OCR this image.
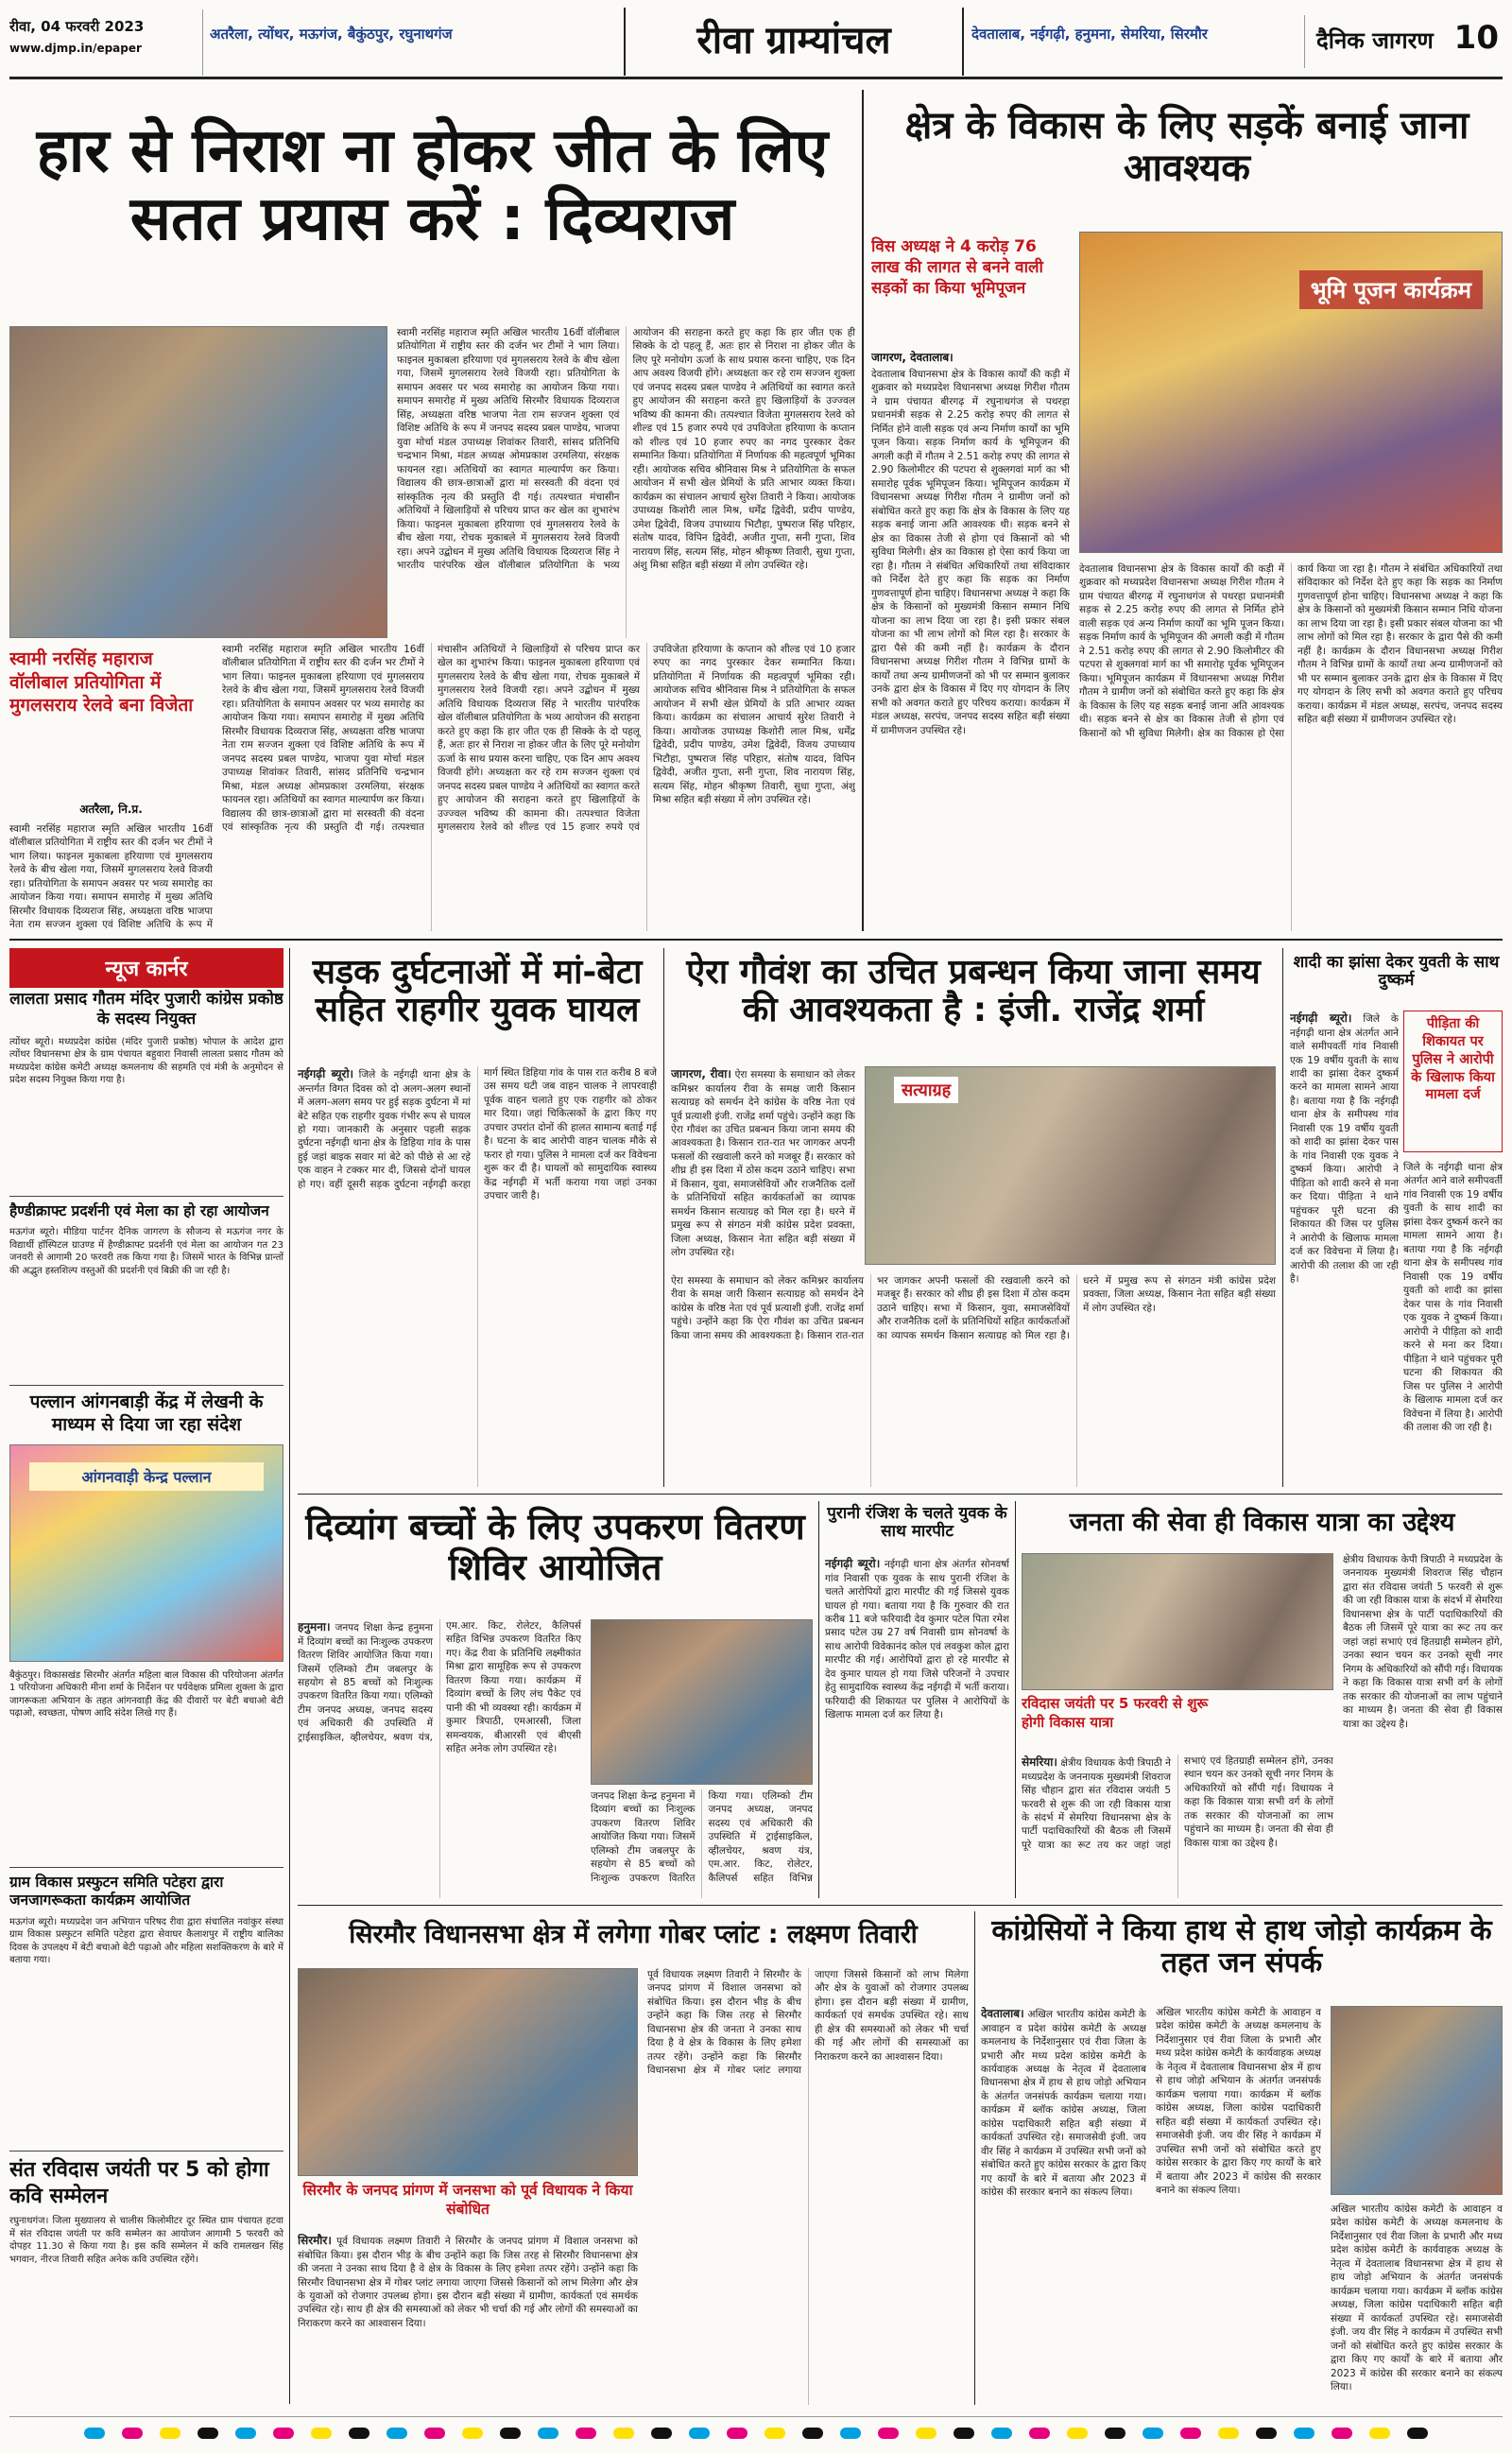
रीवा, 04 फरवरी 2023
www.djmp.in/epaper
अतरैला, त्योंथर, मऊगंज, बैकुंठपुर, रघुनाथगंज	रीवा ग्राम्यांचल	देवतालाब, नईगढ़ी, हनुमना, सेमरिया, सिरमौर	दैनिक जागरण 10
हार से निराश ना होकर जीत के लिए सतत प्रयास करें : दिव्यराज
स्वामी नरसिंह महाराज वॉलीबाल प्रतियोगिता में मुगलसराय रेलवे बना विजेता
अतरैला, नि.प्र.
स्वामी नरसिंह महाराज स्मृति अखिल भारतीय 16वीं वॉलीबाल प्रतियोगिता में राष्ट्रीय स्तर की दर्जन भर टीमों ने भाग लिया। फाइनल मुकाबला हरियाणा एवं मुगलसराय रेलवे के बीच खेला गया, जिसमें मुगलसराय रेलवे विजयी रहा। प्रतियोगिता के समापन अवसर पर भव्य समारोह का आयोजन किया गया। समापन समारोह में मुख्य अतिथि सिरमौर विधायक दिव्यराज सिंह, अध्यक्षता वरिष्ठ भाजपा नेता राम सज्जन शुक्ला एवं विशिष्ट अतिथि के रूप में
स्वामी नरसिंह महाराज स्मृति अखिल भारतीय 16वीं वॉलीबाल प्रतियोगिता में राष्ट्रीय स्तर की दर्जन भर टीमों ने भाग लिया। फाइनल मुकाबला हरियाणा एवं मुगलसराय रेलवे के बीच खेला गया, जिसमें मुगलसराय रेलवे विजयी रहा। प्रतियोगिता के समापन अवसर पर भव्य समारोह का आयोजन किया गया। समापन समारोह में मुख्य अतिथि सिरमौर विधायक दिव्यराज सिंह, अध्यक्षता वरिष्ठ भाजपा नेता राम सज्जन शुक्ला एवं विशिष्ट अतिथि के रूप में जनपद सदस्य प्रबल पाण्डेय, भाजपा युवा मोर्चा मंडल उपाध्यक्ष शिवांकर तिवारी, सांसद प्रतिनिधि चन्द्रभान मिश्रा, मंडल अध्यक्ष ओमप्रकाश उरमलिया, संरक्षक फायनल रहा। अतिथियों का स्वागत माल्यार्पण कर किया। विद्यालय की छात्र-छात्राओं द्वारा मां सरस्वती की वंदना एवं सांस्कृतिक नृत्य की प्रस्तुति दी गई। तत्पश्चात मंचासीन अतिथियों ने खिलाड़ियों से परिचय प्राप्त कर खेल का शुभारंभ किया। फाइनल मुकाबला हरियाणा एवं मुगलसराय रेलवे के बीच खेला गया, रोचक मुकाबले में मुगलसराय रेलवे विजयी रहा। अपने उद्बोधन में मुख्य अतिथि विधायक दिव्यराज सिंह ने भारतीय पारंपरिक खेल वॉलीबाल प्रतियोगिता के भव्य आयोजन की सराहना करते हुए कहा कि हार जीत एक ही सिक्के के दो पहलू हैं, अतः हार से निराश ना होकर जीत के लिए पूरे मनोयोग ऊर्जा के साथ प्रयास करना चाहिए, एक दिन आप अवश्य विजयी होंगे। अध्यक्षता कर रहे राम सज्जन शुक्ला एवं जनपद सदस्य प्रबल पाण्डेय ने अतिथियों का स्वागत करते हुए आयोजन की सराहना करते हुए खिलाड़ियों के उज्ज्वल भविष्य की कामना की। तत्पश्चात विजेता मुगलसराय रेलवे को शील्ड एवं 15 हजार रुपये एवं उपविजेता हरियाणा के कप्तान को शील्ड एवं 10 हजार रुपए का नगद पुरस्कार देकर सम्मानित किया। प्रतियोगिता में निर्णायक की महत्वपूर्ण भूमिका रही। आयोजक सचिव श्रीनिवास मिश्र ने प्रतियोगिता के सफल आयोजन में सभी खेल प्रेमियों के प्रति आभार व्यक्त किया। कार्यक्रम का संचालन आचार्य सुरेश तिवारी ने किया। आयोजक उपाध्यक्ष किशोरी लाल मिश्र, धर्मेंद्र द्विवेदी, प्रदीप पाण्डेय, उमेश द्विवेदी, विजय उपाध्याय भिटौहा, पुष्पराज सिंह परिहार, संतोष यादव, विपिन द्विवेदी, अजीत गुप्ता, सनी गुप्ता, शिव नारायण सिंह, सत्यम सिंह, मोहन श्रीकृष्ण तिवारी, सुधा गुप्ता, अंशु मिश्रा सहित बड़ी संख्या में लोग उपस्थित रहे।
स्वामी नरसिंह महाराज स्मृति अखिल भारतीय 16वीं वॉलीबाल प्रतियोगिता में राष्ट्रीय स्तर की दर्जन भर टीमों ने भाग लिया। फाइनल मुकाबला हरियाणा एवं मुगलसराय रेलवे के बीच खेला गया, जिसमें मुगलसराय रेलवे विजयी रहा। प्रतियोगिता के समापन अवसर पर भव्य समारोह का आयोजन किया गया। समापन समारोह में मुख्य अतिथि सिरमौर विधायक दिव्यराज सिंह, अध्यक्षता वरिष्ठ भाजपा नेता राम सज्जन शुक्ला एवं विशिष्ट अतिथि के रूप में जनपद सदस्य प्रबल पाण्डेय, भाजपा युवा मोर्चा मंडल उपाध्यक्ष शिवांकर तिवारी, सांसद प्रतिनिधि चन्द्रभान मिश्रा, मंडल अध्यक्ष ओमप्रकाश उरमलिया, संरक्षक फायनल रहा। अतिथियों का स्वागत माल्यार्पण कर किया। विद्यालय की छात्र-छात्राओं द्वारा मां सरस्वती की वंदना एवं सांस्कृतिक नृत्य की प्रस्तुति दी गई। तत्पश्चात मंचासीन अतिथियों ने खिलाड़ियों से परिचय प्राप्त कर खेल का शुभारंभ किया। फाइनल मुकाबला हरियाणा एवं मुगलसराय रेलवे के बीच खेला गया, रोचक मुकाबले में मुगलसराय रेलवे विजयी रहा। अपने उद्बोधन में मुख्य अतिथि विधायक दिव्यराज सिंह ने भारतीय पारंपरिक खेल वॉलीबाल प्रतियोगिता के भव्य आयोजन की सराहना करते हुए कहा कि हार जीत एक ही सिक्के के दो पहलू हैं, अतः हार से निराश ना होकर जीत के लिए पूरे मनोयोग ऊर्जा के साथ प्रयास करना चाहिए, एक दिन आप अवश्य विजयी होंगे। अध्यक्षता कर रहे राम सज्जन शुक्ला एवं जनपद सदस्य प्रबल पाण्डेय ने अतिथियों का स्वागत करते हुए आयोजन की सराहना करते हुए खिलाड़ियों के उज्ज्वल भविष्य की कामना की। तत्पश्चात विजेता मुगलसराय रेलवे को शील्ड एवं 15 हजार रुपये एवं उपविजेता हरियाणा के कप्तान को शील्ड एवं 10 हजार रुपए का नगद पुरस्कार देकर सम्मानित किया। प्रतियोगिता में निर्णायक की महत्वपूर्ण भूमिका रही। आयोजक सचिव श्रीनिवास मिश्र ने प्रतियोगिता के सफल आयोजन में सभी खेल प्रेमियों के प्रति आभार व्यक्त किया। कार्यक्रम का संचालन आचार्य सुरेश तिवारी ने किया। आयोजक उपाध्यक्ष किशोरी लाल मिश्र, धर्मेंद्र द्विवेदी, प्रदीप पाण्डेय, उमेश द्विवेदी, विजय उपाध्याय भिटौहा, पुष्पराज सिंह परिहार, संतोष यादव, विपिन द्विवेदी, अजीत गुप्ता, सनी गुप्ता, शिव नारायण सिंह, सत्यम सिंह, मोहन श्रीकृष्ण तिवारी, सुधा गुप्ता, अंशु मिश्रा सहित बड़ी संख्या में लोग उपस्थित रहे।
क्षेत्र के विकास के लिए सड़कें बनाई जाना आवश्यक
विस अध्यक्ष ने 4 करोड़ 76 लाख की लागत से बनने वाली सड़कों का किया भूमिपूजन	भूमि पूजन कार्यक्रम
जागरण, देवतालाब।
देवतालाब विधानसभा क्षेत्र के विकास कार्यों की कड़ी में शुक्रवार को मध्यप्रदेश विधानसभा अध्यक्ष गिरीश गौतम ने ग्राम पंचायत बीरगढ़ में रघुनाथगंज से पथरहा प्रधानमंत्री सड़क से 2.25 करोड़ रुपए की लागत से निर्मित होने वाली सड़क एवं अन्य निर्माण कार्यों का भूमि पूजन किया। सड़क निर्माण कार्य के भूमिपूजन की अगली कड़ी में गौतम ने 2.51 करोड़ रुपए की लागत से 2.90 किलोमीटर की पटपरा से शुक्लगवां मार्ग का भी समारोह पूर्वक भूमिपूजन किया। भूमिपूजन कार्यक्रम में विधानसभा अध्यक्ष गिरीश गौतम ने ग्रामीण जनों को संबोधित करते हुए कहा कि क्षेत्र के विकास के लिए यह सड़क बनाई जाना अति आवश्यक थी। सड़क बनने से क्षेत्र का विकास तेजी से होगा एवं किसानों को भी सुविधा मिलेगी। क्षेत्र का विकास हो ऐसा कार्य किया जा रहा है। गौतम ने संबंधित अधिकारियों तथा संविदाकार को निर्देश देते हुए कहा कि सड़क का निर्माण गुणवत्तापूर्ण होना चाहिए। विधानसभा अध्यक्ष ने कहा कि क्षेत्र के किसानों को मुख्यमंत्री किसान सम्मान निधि योजना का लाभ दिया जा रहा है। इसी प्रकार संबल योजना का भी लाभ लोगों को मिल रहा है। सरकार के द्वारा पैसे की कमी नहीं है। कार्यक्रम के दौरान विधानसभा अध्यक्ष गिरीश गौतम ने विभिन्न ग्रामों के कार्यों तथा अन्य ग्रामीणजनों को भी पर सम्मान बुलाकर उनके द्वारा क्षेत्र के विकास में दिए गए योगदान के लिए सभी को अवगत कराते हुए परिचय कराया। कार्यक्रम में मंडल अध्यक्ष, सरपंच, जनपद सदस्य सहित बड़ी संख्या में ग्रामीणजन उपस्थित रहे।
देवतालाब विधानसभा क्षेत्र के विकास कार्यों की कड़ी में शुक्रवार को मध्यप्रदेश विधानसभा अध्यक्ष गिरीश गौतम ने ग्राम पंचायत बीरगढ़ में रघुनाथगंज से पथरहा प्रधानमंत्री सड़क से 2.25 करोड़ रुपए की लागत से निर्मित होने वाली सड़क एवं अन्य निर्माण कार्यों का भूमि पूजन किया। सड़क निर्माण कार्य के भूमिपूजन की अगली कड़ी में गौतम ने 2.51 करोड़ रुपए की लागत से 2.90 किलोमीटर की पटपरा से शुक्लगवां मार्ग का भी समारोह पूर्वक भूमिपूजन किया। भूमिपूजन कार्यक्रम में विधानसभा अध्यक्ष गिरीश गौतम ने ग्रामीण जनों को संबोधित करते हुए कहा कि क्षेत्र के विकास के लिए यह सड़क बनाई जाना अति आवश्यक थी। सड़क बनने से क्षेत्र का विकास तेजी से होगा एवं किसानों को भी सुविधा मिलेगी। क्षेत्र का विकास हो ऐसा कार्य किया जा रहा है। गौतम ने संबंधित अधिकारियों तथा संविदाकार को निर्देश देते हुए कहा कि सड़क का निर्माण गुणवत्तापूर्ण होना चाहिए। विधानसभा अध्यक्ष ने कहा कि क्षेत्र के किसानों को मुख्यमंत्री किसान सम्मान निधि योजना का लाभ दिया जा रहा है। इसी प्रकार संबल योजना का भी लाभ लोगों को मिल रहा है। सरकार के द्वारा पैसे की कमी नहीं है। कार्यक्रम के दौरान विधानसभा अध्यक्ष गिरीश गौतम ने विभिन्न ग्रामों के कार्यों तथा अन्य ग्रामीणजनों को भी पर सम्मान बुलाकर उनके द्वारा क्षेत्र के विकास में दिए गए योगदान के लिए सभी को अवगत कराते हुए परिचय कराया। कार्यक्रम में मंडल अध्यक्ष, सरपंच, जनपद सदस्य सहित बड़ी संख्या में ग्रामीणजन उपस्थित रहे।
न्यूज कार्नर
लालता प्रसाद गौतम मंदिर पुजारी कांग्रेस प्रकोष्ठ के सदस्य नियुक्त
त्योंथर ब्यूरो। मध्यप्रदेश कांग्रेस (मंदिर पुजारी प्रकोष्ठ) भोपाल के आदेश द्वारा त्योंथर विधानसभा क्षेत्र के ग्राम पंचायत बहुवारा निवासी लालता प्रसाद गौतम को मध्यप्रदेश कांग्रेस कमेटी अध्यक्ष कमलनाथ की सहमति एवं मंत्री के अनुमोदन से प्रदेश सदस्य नियुक्त किया गया है।
हैण्डीक्राफ्ट प्रदर्शनी एवं मेला का हो रहा आयोजन
मऊगंज ब्यूरो। मीडिया पार्टनर दैनिक जागरण के सौजन्य से मऊगंज नगर के विद्यार्थी हॉस्पिटल ग्राउण्ड में हैण्डीक्राफ्ट प्रदर्शनी एवं मेला का आयोजन गत 23 जनवरी से आगामी 20 फरवरी तक किया गया है। जिसमें भारत के विभिन्न प्रान्तों की अद्भुत हस्तशिल्प वस्तुओं की प्रदर्शनी एवं बिक्री की जा रही है।
पल्लान आंगनबाड़ी केंद्र में लेखनी के माध्यम से दिया जा रहा संदेश
आंगनवाड़ी केन्द्र पल्लान
बैकुंठपुर। विकासखंड सिरमौर अंतर्गत महिला बाल विकास की परियोजना अंतर्गत 1 परियोजना अधिकारी मीना शर्मा के निर्देशन पर पर्यवेक्षक प्रमिला शुक्ला के द्वारा जागरूकता अभियान के तहत आंगनवाड़ी केंद्र की दीवारों पर बेटी बचाओ बेटी पढ़ाओ, स्वच्छता, पोषण आदि संदेश लिखे गए हैं।
ग्राम विकास प्रस्फुटन समिति पटेहरा द्वारा जनजागरूकता कार्यक्रम आयोजित
मऊगंज ब्यूरो। मध्यप्रदेश जन अभियान परिषद रीवा द्वारा संचालित नवांकुर संस्था ग्राम विकास प्रस्फुटन समिति पटेहरा द्वारा सेवाघर कैलाशपुर में राष्ट्रीय बालिका दिवस के उपलक्ष्य में बेटी बचाओ बेटी पढ़ाओ और महिला सशक्तिकरण के बारे में बताया गया।
संत रविदास जयंती पर 5 को होगा कवि सम्मेलन
रघुनाथगंज। जिला मुख्यालय से चालीस किलोमीटर दूर स्थित ग्राम पंचायत हटवा में संत रविदास जयंती पर कवि सम्मेलन का आयोजन आगामी 5 फरवरी को दोपहर 11.30 से किया गया है। इस कवि सम्मेलन में कवि रामलखन सिंह भगवान, नीरज तिवारी सहित अनेक कवि उपस्थित रहेंगे।
सड़क दुर्घटनाओं में मां-बेटा सहित राहगीर युवक घायल
नईगढ़ी ब्यूरो। जिले के नईगढ़ी थाना क्षेत्र के अन्तर्गत विगत दिवस को दो अलग-अलग स्थानों में अलग-अलग समय पर हुई सड़क दुर्घटना में मां बेटे सहित एक राहगीर युवक गंभीर रूप से घायल हो गया। जानकारी के अनुसार पहली सड़क दुर्घटना नईगढ़ी थाना क्षेत्र के डिहिया गांव के पास हुई जहां बाइक सवार मां बेटे को पीछे से आ रहे एक वाहन ने टक्कर मार दी, जिससे दोनों घायल हो गए। वहीं दूसरी सड़क दुर्घटना नईगढ़ी करहा मार्ग स्थित डिहिया गांव के पास रात करीब 8 बजे उस समय घटी जब वाहन चालक ने लापरवाही पूर्वक वाहन चलाते हुए एक राहगीर को ठोकर मार दिया। जहां चिकित्सकों के द्वारा किए गए उपचार उपरांत दोनों की हालत सामान्य बताई गई है। घटना के बाद आरोपी वाहन चालक मौके से फरार हो गया। पुलिस ने मामला दर्ज कर विवेचना शुरू कर दी है। घायलों को सामुदायिक स्वास्थ्य केंद्र नईगढ़ी में भर्ती कराया गया जहां उनका उपचार जारी है।
ऐरा गौवंश का उचित प्रबन्धन किया जाना समय की आवश्यकता है : इंजी. राजेंद्र शर्मा
जागरण, रीवा। ऐरा समस्या के समाधान को लेकर कमिश्नर कार्यालय रीवा के समक्ष जारी किसान सत्याग्रह को समर्थन देने कांग्रेस के वरिष्ठ नेता एवं पूर्व प्रत्याशी इंजी. राजेंद्र शर्मा पहुंचे। उन्होंने कहा कि ऐरा गौवंश का उचित प्रबन्धन किया जाना समय की आवश्यकता है। किसान रात-रात भर जागकर अपनी फसलों की रखवाली करने को मजबूर हैं। सरकार को शीघ्र ही इस दिशा में ठोस कदम उठाने चाहिए। सभा में किसान, युवा, समाजसेवियों और राजनैतिक दलों के प्रतिनिधियों सहित कार्यकर्ताओं का व्यापक समर्थन किसान सत्याग्रह को मिल रहा है। धरने में प्रमुख रूप से संगठन मंत्री कांग्रेस प्रदेश प्रवक्ता, जिला अध्यक्ष, किसान नेता सहित बड़ी संख्या में लोग उपस्थित रहे।
सत्याग्रह
ऐरा समस्या के समाधान को लेकर कमिश्नर कार्यालय रीवा के समक्ष जारी किसान सत्याग्रह को समर्थन देने कांग्रेस के वरिष्ठ नेता एवं पूर्व प्रत्याशी इंजी. राजेंद्र शर्मा पहुंचे। उन्होंने कहा कि ऐरा गौवंश का उचित प्रबन्धन किया जाना समय की आवश्यकता है। किसान रात-रात भर जागकर अपनी फसलों की रखवाली करने को मजबूर हैं। सरकार को शीघ्र ही इस दिशा में ठोस कदम उठाने चाहिए। सभा में किसान, युवा, समाजसेवियों और राजनैतिक दलों के प्रतिनिधियों सहित कार्यकर्ताओं का व्यापक समर्थन किसान सत्याग्रह को मिल रहा है। धरने में प्रमुख रूप से संगठन मंत्री कांग्रेस प्रदेश प्रवक्ता, जिला अध्यक्ष, किसान नेता सहित बड़ी संख्या में लोग उपस्थित रहे।
शादी का झांसा देकर युवती के साथ दुष्कर्म
पीड़िता की शिकायत पर पुलिस ने आरोपी के खिलाफ किया मामला दर्ज
नईगढ़ी ब्यूरो। जिले के नईगढ़ी थाना क्षेत्र अंतर्गत आने वाले समीपवर्ती गांव निवासी एक 19 वर्षीय युवती के साथ शादी का झांसा देकर दुष्कर्म करने का मामला सामने आया है। बताया गया है कि नईगढ़ी थाना क्षेत्र के समीपस्थ गांव निवासी एक 19 वर्षीय युवती को शादी का झांसा देकर पास के गांव निवासी एक युवक ने दुष्कर्म किया। आरोपी ने पीड़िता को शादी करने से मना कर दिया। पीड़िता ने थाने पहुंचकर पूरी घटना की शिकायत की जिस पर पुलिस ने आरोपी के खिलाफ मामला दर्ज कर विवेचना में लिया है। आरोपी की तलाश की जा रही है।
जिले के नईगढ़ी थाना क्षेत्र अंतर्गत आने वाले समीपवर्ती गांव निवासी एक 19 वर्षीय युवती के साथ शादी का झांसा देकर दुष्कर्म करने का मामला सामने आया है। बताया गया है कि नईगढ़ी थाना क्षेत्र के समीपस्थ गांव निवासी एक 19 वर्षीय युवती को शादी का झांसा देकर पास के गांव निवासी एक युवक ने दुष्कर्म किया। आरोपी ने पीड़िता को शादी करने से मना कर दिया। पीड़िता ने थाने पहुंचकर पूरी घटना की शिकायत की जिस पर पुलिस ने आरोपी के खिलाफ मामला दर्ज कर विवेचना में लिया है। आरोपी की तलाश की जा रही है।
दिव्यांग बच्चों के लिए उपकरण वितरण शिविर आयोजित
हनुमना। जनपद शिक्षा केन्द्र हनुमना में दिव्यांग बच्चों का निःशुल्क उपकरण वितरण शिविर आयोजित किया गया। जिसमें एलिम्को टीम जबलपुर के सहयोग से 85 बच्चों को निःशुल्क उपकरण वितरित किया गया। एलिम्को टीम जनपद अध्यक्ष, जनपद सदस्य एवं अधिकारी की उपस्थिति में ट्राईसाइकिल, व्हीलचेयर, श्रवण यंत्र, एम.आर. किट, रोलेटर, कैलिपर्स सहित विभिन्न उपकरण वितरित किए गए। केंद्र रीवा के प्रतिनिधि लक्ष्मीकांत मिश्रा द्वारा सामूहिक रूप से उपकरण वितरण किया गया। कार्यक्रम में दिव्यांग बच्चों के लिए लंच पैकेट एवं पानी की भी व्यवस्था रही। कार्यक्रम में कुमार त्रिपाठी, एमआरसी, जिला समन्वयक, बीआरसी एवं बीएसी सहित अनेक लोग उपस्थित रहे।
जनपद शिक्षा केन्द्र हनुमना में दिव्यांग बच्चों का निःशुल्क उपकरण वितरण शिविर आयोजित किया गया। जिसमें एलिम्को टीम जबलपुर के सहयोग से 85 बच्चों को निःशुल्क उपकरण वितरित किया गया। एलिम्को टीम जनपद अध्यक्ष, जनपद सदस्य एवं अधिकारी की उपस्थिति में ट्राईसाइकिल, व्हीलचेयर, श्रवण यंत्र, एम.आर. किट, रोलेटर, कैलिपर्स सहित विभिन्न
पुरानी रंजिश के चलते युवक के साथ मारपीट
नईगढ़ी ब्यूरो। नईगढ़ी थाना क्षेत्र अंतर्गत सोनवर्षा गांव निवासी एक युवक के साथ पुरानी रंजिश के चलते आरोपियों द्वारा मारपीट की गई जिससे युवक घायल हो गया। बताया गया है कि गुरुवार की रात करीब 11 बजे फरियादी देव कुमार पटेल पिता रमेश प्रसाद पटेल उम्र 27 वर्ष निवासी ग्राम सोनवर्षा के साथ आरोपी विवेकानंद कोल एवं लवकुश कोल द्वारा मारपीट की गई। आरोपियों द्वारा हो रहे मारपीट से देव कुमार घायल हो गया जिसे परिजनों ने उपचार हेतु सामुदायिक स्वास्थ्य केंद्र नईगढ़ी में भर्ती कराया। फरियादी की शिकायत पर पुलिस ने आरोपियों के खिलाफ मामला दर्ज कर लिया है।
जनता की सेवा ही विकास यात्रा का उद्देश्य
रविदास जयंती पर 5 फरवरी से शुरू होगी विकास यात्रा
सेमरिया। क्षेत्रीय विधायक केपी त्रिपाठी ने मध्यप्रदेश के जननायक मुख्यमंत्री शिवराज सिंह चौहान द्वारा संत रविदास जयंती 5 फरवरी से शुरू की जा रही विकास यात्रा के संदर्भ में सेमरिया विधानसभा क्षेत्र के पार्टी पदाधिकारियों की बैठक ली जिसमें पूरे यात्रा का रूट तय कर जहां जहां सभाएं एवं हितग्राही सम्मेलन होंगे, उनका स्थान चयन कर उनको सूची नगर निगम के अधिकारियों को सौंपी गई। विधायक ने कहा कि विकास यात्रा सभी वर्ग के लोगों तक सरकार की योजनाओं का लाभ पहुंचाने का माध्यम है। जनता की सेवा ही विकास यात्रा का उद्देश्य है।
क्षेत्रीय विधायक केपी त्रिपाठी ने मध्यप्रदेश के जननायक मुख्यमंत्री शिवराज सिंह चौहान द्वारा संत रविदास जयंती 5 फरवरी से शुरू की जा रही विकास यात्रा के संदर्भ में सेमरिया विधानसभा क्षेत्र के पार्टी पदाधिकारियों की बैठक ली जिसमें पूरे यात्रा का रूट तय कर जहां जहां सभाएं एवं हितग्राही सम्मेलन होंगे, उनका स्थान चयन कर उनको सूची नगर निगम के अधिकारियों को सौंपी गई। विधायक ने कहा कि विकास यात्रा सभी वर्ग के लोगों तक सरकार की योजनाओं का लाभ पहुंचाने का माध्यम है। जनता की सेवा ही विकास यात्रा का उद्देश्य है।
सिरमौर विधानसभा क्षेत्र में लगेगा गोबर प्लांट : लक्ष्मण तिवारी
सिरमौर के जनपद प्रांगण में जनसभा को पूर्व विधायक ने किया संबोधित
सिरमौर। पूर्व विधायक लक्ष्मण तिवारी ने सिरमौर के जनपद प्रांगण में विशाल जनसभा को संबोधित किया। इस दौरान भीड़ के बीच उन्होंने कहा कि जिस तरह से सिरमौर विधानसभा क्षेत्र की जनता ने उनका साथ दिया है वे क्षेत्र के विकास के लिए हमेशा तत्पर रहेंगे। उन्होंने कहा कि सिरमौर विधानसभा क्षेत्र में गोबर प्लांट लगाया जाएगा जिससे किसानों को लाभ मिलेगा और क्षेत्र के युवाओं को रोजगार उपलब्ध होगा। इस दौरान बड़ी संख्या में ग्रामीण, कार्यकर्ता एवं समर्थक उपस्थित रहे। साथ ही क्षेत्र की समस्याओं को लेकर भी चर्चा की गई और लोगों की समस्याओं का निराकरण करने का आश्वासन दिया।
पूर्व विधायक लक्ष्मण तिवारी ने सिरमौर के जनपद प्रांगण में विशाल जनसभा को संबोधित किया। इस दौरान भीड़ के बीच उन्होंने कहा कि जिस तरह से सिरमौर विधानसभा क्षेत्र की जनता ने उनका साथ दिया है वे क्षेत्र के विकास के लिए हमेशा तत्पर रहेंगे। उन्होंने कहा कि सिरमौर विधानसभा क्षेत्र में गोबर प्लांट लगाया जाएगा जिससे किसानों को लाभ मिलेगा और क्षेत्र के युवाओं को रोजगार उपलब्ध होगा। इस दौरान बड़ी संख्या में ग्रामीण, कार्यकर्ता एवं समर्थक उपस्थित रहे। साथ ही क्षेत्र की समस्याओं को लेकर भी चर्चा की गई और लोगों की समस्याओं का निराकरण करने का आश्वासन दिया।
कांग्रेसियों ने किया हाथ से हाथ जोड़ो कार्यक्रम के तहत जन संपर्क
देवतालाब। अखिल भारतीय कांग्रेस कमेटी के आवाहन व प्रदेश कांग्रेस कमेटी के अध्यक्ष कमलनाथ के निर्देशानुसार एवं रीवा जिला के प्रभारी और मध्य प्रदेश कांग्रेस कमेटी के कार्यवाहक अध्यक्ष के नेतृत्व में देवतालाब विधानसभा क्षेत्र में हाथ से हाथ जोड़ो अभियान के अंतर्गत जनसंपर्क कार्यक्रम चलाया गया। कार्यक्रम में ब्लॉक कांग्रेस अध्यक्ष, जिला कांग्रेस पदाधिकारी सहित बड़ी संख्या में कार्यकर्ता उपस्थित रहे। समाजसेवी इंजी. जय वीर सिंह ने कार्यक्रम में उपस्थित सभी जनों को संबोधित करते हुए कांग्रेस सरकार के द्वारा किए गए कार्यों के बारे में बताया और 2023 में कांग्रेस की सरकार बनाने का संकल्प लिया।
अखिल भारतीय कांग्रेस कमेटी के आवाहन व प्रदेश कांग्रेस कमेटी के अध्यक्ष कमलनाथ के निर्देशानुसार एवं रीवा जिला के प्रभारी और मध्य प्रदेश कांग्रेस कमेटी के कार्यवाहक अध्यक्ष के नेतृत्व में देवतालाब विधानसभा क्षेत्र में हाथ से हाथ जोड़ो अभियान के अंतर्गत जनसंपर्क कार्यक्रम चलाया गया। कार्यक्रम में ब्लॉक कांग्रेस अध्यक्ष, जिला कांग्रेस पदाधिकारी सहित बड़ी संख्या में कार्यकर्ता उपस्थित रहे। समाजसेवी इंजी. जय वीर सिंह ने कार्यक्रम में उपस्थित सभी जनों को संबोधित करते हुए कांग्रेस सरकार के द्वारा किए गए कार्यों के बारे में बताया और 2023 में कांग्रेस की सरकार बनाने का संकल्प लिया।
अखिल भारतीय कांग्रेस कमेटी के आवाहन व प्रदेश कांग्रेस कमेटी के अध्यक्ष कमलनाथ के निर्देशानुसार एवं रीवा जिला के प्रभारी और मध्य प्रदेश कांग्रेस कमेटी के कार्यवाहक अध्यक्ष के नेतृत्व में देवतालाब विधानसभा क्षेत्र में हाथ से हाथ जोड़ो अभियान के अंतर्गत जनसंपर्क कार्यक्रम चलाया गया। कार्यक्रम में ब्लॉक कांग्रेस अध्यक्ष, जिला कांग्रेस पदाधिकारी सहित बड़ी संख्या में कार्यकर्ता उपस्थित रहे। समाजसेवी इंजी. जय वीर सिंह ने कार्यक्रम में उपस्थित सभी जनों को संबोधित करते हुए कांग्रेस सरकार के द्वारा किए गए कार्यों के बारे में बताया और 2023 में कांग्रेस की सरकार बनाने का संकल्प लिया।
